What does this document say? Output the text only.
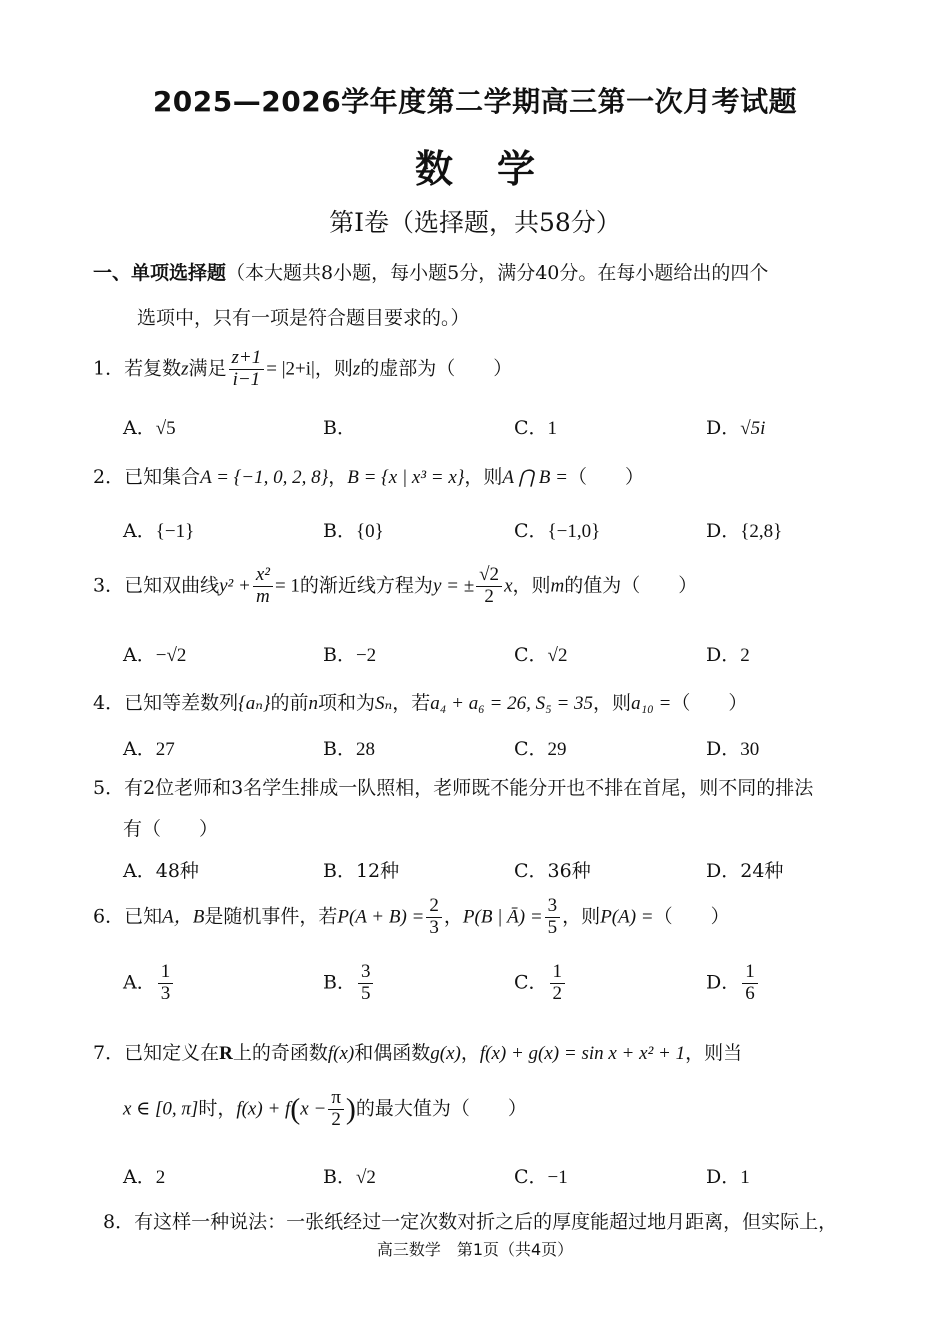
2025—2026学年度第二学期高三第一次月考试题
数 学
第Ⅰ卷（选择题，共58分）
一、单项选择题（本大题共8小题，每小题5分，满分40分。在每小题给出的四个
选项中，只有一项是符合题目要求的。）
1．若复数z满足 $\frac{z+1}{i-1} = |2+i|$，则z的虚部为（　　）
A．√5	B．	C．1	D．√5i
2．已知集合A = {−1, 0, 2, 8}，B = {x | x³ = x}，则A ⋂ B =（　　）
A．{−1}	B．{0}	C．{−1,0}	D．{2,8}
3．已知双曲线$y^2 + \frac{\text{x²}}{m} = 1$的渐近线方程为y = ± $\frac{√2}{2}$ x，则m的值为（　　）
A．−√2	B．−2	C．√2	D．2
4．已知等差数列{aₙ}的前n项和为Sₙ，若a₄ + a₆ = 26, S₅ = 35，则a₁₀ =（　　）
A．27	B．28	C．29	D．30
5．有2位老师和3名学生排成一队照相，老师既不能分开也不排在首尾，则不同的排法
有（　　）
A．48种	B．12种	C．36种	D．24种
6．已知A，B是随机事件，若$P(A + B) = \frac{2}{3}$ ，P(B | Ā) = $\frac{3}{5}$ ，则P(A) =（　　）
A． $\frac{1}{3}$	B． $\frac{3}{5}$	C． $\frac{1}{2}$	D． $\frac{1}{6}$
7．已知定义在R上的奇函数f(x)和偶函数g(x)，f(x) + g(x) = sin x + x² + 1，则当
x ∈ [0, π]时，$f(x) + f(x - \frac{\pi}{2}$ )的最大值为（　　）
A．2	B．√2	C．−1	D．1
8．有这样一种说法：一张纸经过一定次数对折之后的厚度能超过地月距离，但实际上，
高三数学　第1页（共4页）
